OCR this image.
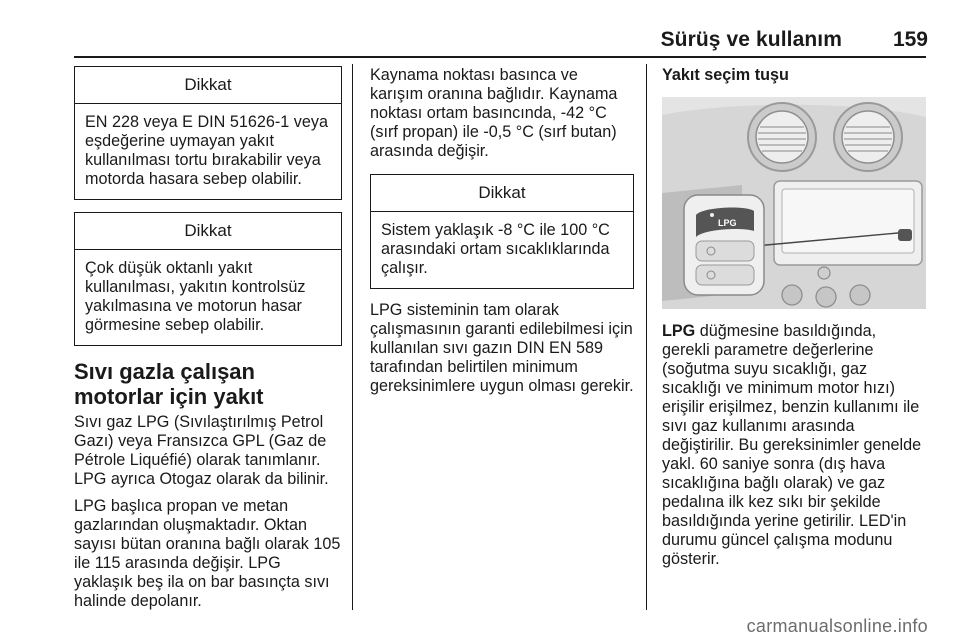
Sürüş ve kullanım	159
Dikkat
EN 228 veya E DIN 51626-1 veya eşdeğerine uymayan yakıt kullanılması tortu bırakabilir veya motorda hasara sebep olabilir.
Dikkat
Çok düşük oktanlı yakıt kullanılması, yakıtın kontrolsüz yakılmasına ve motorun hasar görmesine sebep olabilir.
Sıvı gazla çalışan motorlar için yakıt

Sıvı gaz LPG (Sıvılaştırılmış Petrol Gazı) veya Fransızca GPL (Gaz de Pétrole Liquéfié) olarak tanımlanır. LPG ayrıca Otogaz olarak da bilinir.

LPG başlıca propan ve metan gazlarından oluşmaktadır. Oktan sayısı bütan oranına bağlı olarak 105 ile 115 arasında değişir. LPG yaklaşık beş ila on bar basınçta sıvı halinde depolanır.

Kaynama noktası basınca ve karışım oranına bağlıdır. Kaynama noktası ortam basıncında, -42 °C (sırf propan) ile -0,5 °C (sırf butan) arasında değişir.

Dikkat
Sistem yaklaşık -8 °C ile 100 °C arasındaki ortam sıcaklıklarında çalışır.

LPG sisteminin tam olarak çalışmasının garanti edilebilmesi için kullanılan sıvı gazın DIN EN 589 tarafından belirtilen minimum gereksinimlere uygun olması gerekir.

Yakıt seçim tuşu
LPG

LPG düğmesine basıldığında, gerekli parametre değerlerine (soğutma suyu sıcaklığı, gaz sıcaklığı ve minimum motor hızı) erişilir erişilmez, benzin kullanımı ile sıvı gaz kullanımı arasında değiştirilir. Bu gereksinimler genelde yakl. 60 saniye sonra (dış hava sıcaklığına bağlı olarak) ve gaz pedalına ilk kez sıkı bir şekilde basıldığında yerine getirilir. LED'in durumu güncel çalışma modunu gösterir.

carmanualsonline.info
